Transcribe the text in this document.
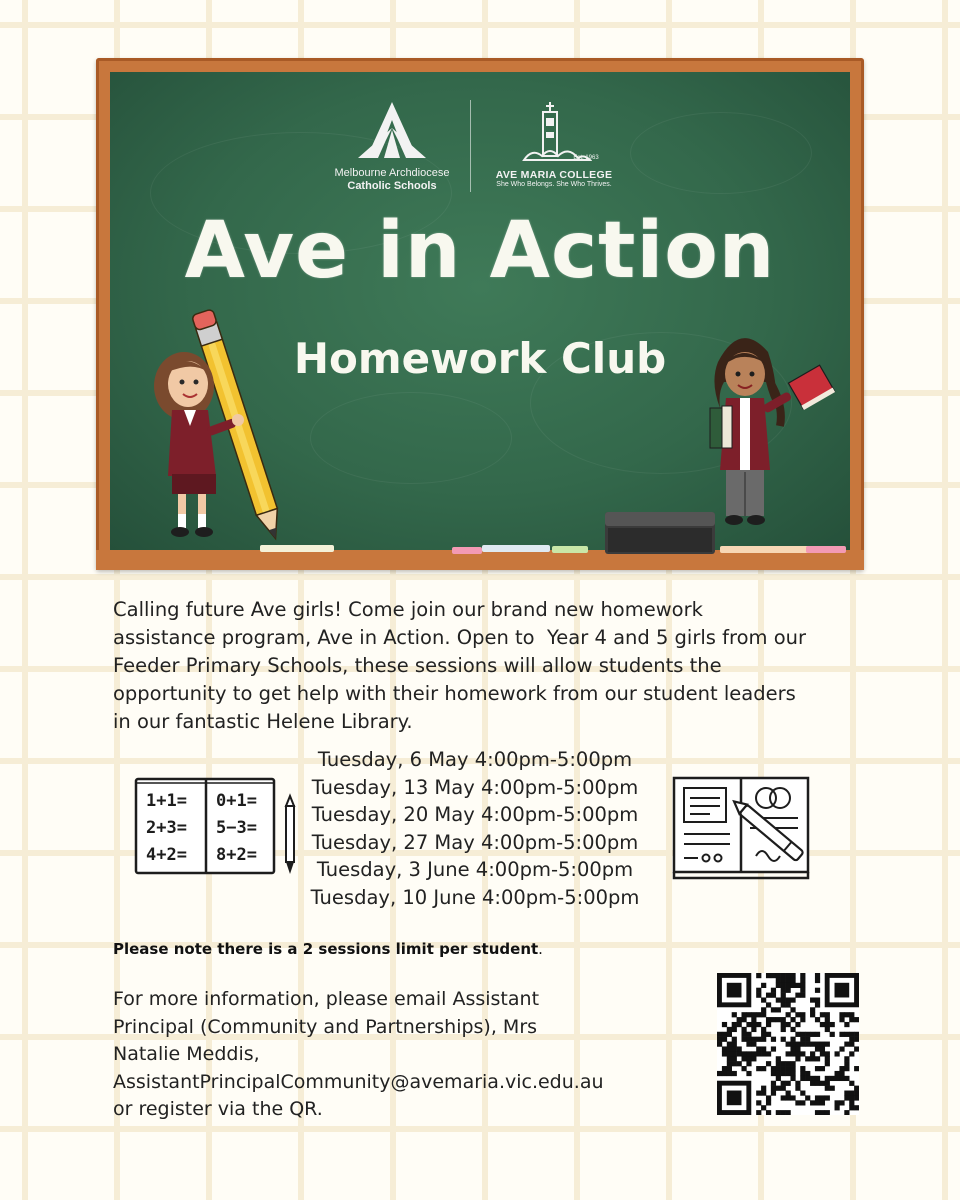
Melbourne Archdiocese
Catholic Schools
Est. 1963
AVE MARIA COLLEGE
She Who Belongs. She Who Thrives.
Ave in Action
Homework Club
Calling future Ave girls! Come join our brand new homework
assistance program, Ave in Action. Open to  Year 4 and 5 girls from our
Feeder Primary Schools, these sessions will allow students the
opportunity to get help with their homework from our student leaders
in our fantastic Helene Library.
1+1=
2+3=
4+2=
0+1=
5−3=
8+2=
Tuesday, 6 May 4:00pm-5:00pm
Tuesday, 13 May 4:00pm-5:00pm
Tuesday, 20 May 4:00pm-5:00pm
Tuesday, 27 May 4:00pm-5:00pm
Tuesday, 3 June 4:00pm-5:00pm
Tuesday, 10 June 4:00pm-5:00pm
Please note there is a 2 sessions limit per student.
For more information, please email Assistant
Principal (Community and Partnerships), Mrs
Natalie Meddis,
AssistantPrincipalCommunity@avemaria.vic.edu.au
or register via the QR.
